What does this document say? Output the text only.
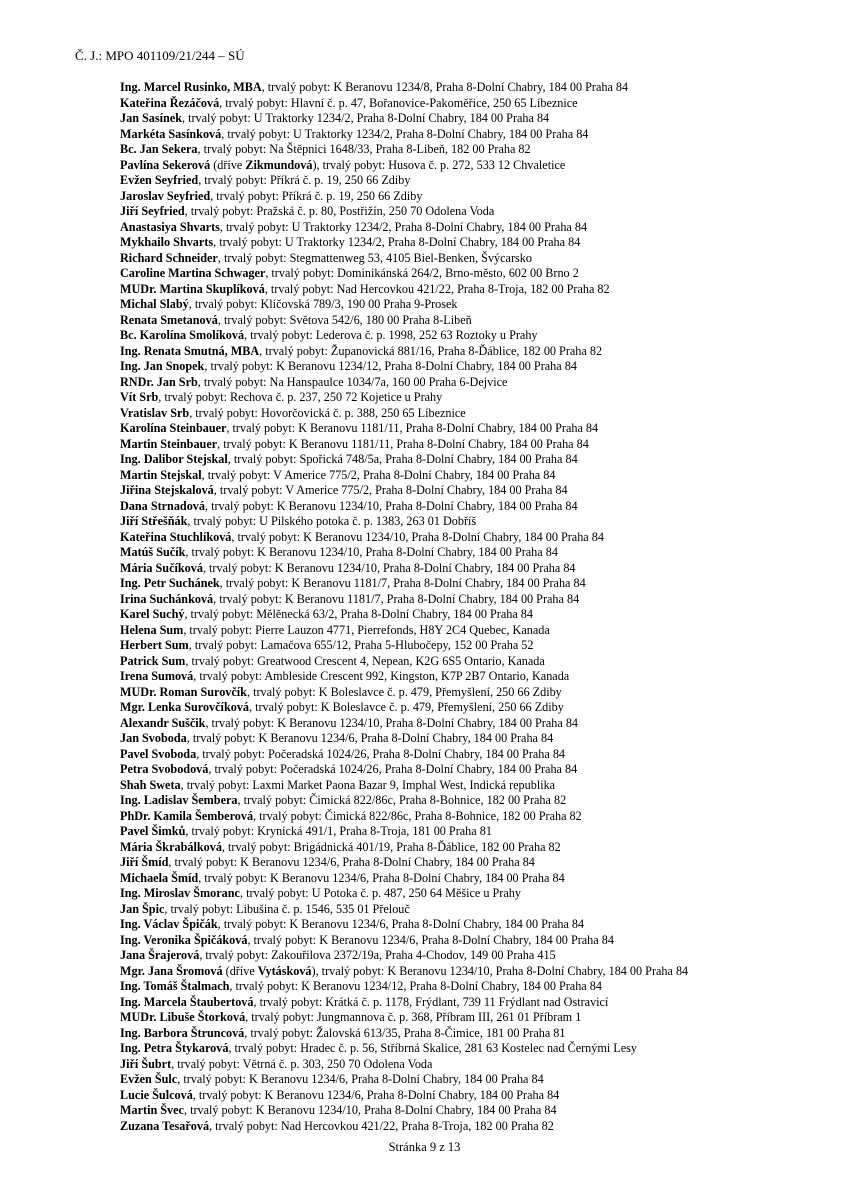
Č. J.: MPO 401109/21/244 – SÚ
Ing. Marcel Rusinko, MBA, trvalý pobyt: K Beranovu 1234/8, Praha 8-Dolní Chabry, 184 00 Praha 84
Kateřina Řezáčová, trvalý pobyt: Hlavní č. p. 47, Bořanovice-Pakoměřice, 250 65 Líbeznice
Jan Sasínek, trvalý pobyt: U Traktorky 1234/2, Praha 8-Dolní Chabry, 184 00 Praha 84
Markéta Sasínková, trvalý pobyt: U Traktorky 1234/2, Praha 8-Dolní Chabry, 184 00 Praha 84
Bc. Jan Sekera, trvalý pobyt: Na Štěpnici 1648/33, Praha 8-Libeň, 182 00 Praha 82
Pavlína Sekerová (dříve Zikmundová), trvalý pobyt: Husova č. p. 272, 533 12 Chvaletice
Evžen Seyfried, trvalý pobyt: Příkrá č. p. 19, 250 66 Zdiby
Jaroslav Seyfried, trvalý pobyt: Příkrá č. p. 19, 250 66 Zdiby
Jiří Seyfried, trvalý pobyt: Pražská č. p. 80, Postřižín, 250 70 Odolena Voda
Anastasiya Shvarts, trvalý pobyt: U Traktorky 1234/2, Praha 8-Dolní Chabry, 184 00 Praha 84
Mykhailo Shvarts, trvalý pobyt: U Traktorky 1234/2, Praha 8-Dolní Chabry, 184 00 Praha 84
Richard Schneider, trvalý pobyt: Stegmattenweg 53, 4105 Biel-Benken, Švýcarsko
Caroline Martina Schwager, trvalý pobyt: Dominikánská 264/2, Brno-město, 602 00 Brno 2
MUDr. Martina Skuplíková, trvalý pobyt: Nad Hercovkou 421/22, Praha 8-Troja, 182 00 Praha 82
Michal Slabý, trvalý pobyt: Klíčovská 789/3, 190 00 Praha 9-Prosek
Renata Smetanová, trvalý pobyt: Světova 542/6, 180 00 Praha 8-Libeň
Bc. Karolína Smolíková, trvalý pobyt: Lederova č. p. 1998, 252 63 Roztoky u Prahy
Ing. Renata Smutná, MBA, trvalý pobyt: Županovická 881/16, Praha 8-Ďáblice, 182 00 Praha 82
Ing. Jan Snopek, trvalý pobyt: K Beranovu 1234/12, Praha 8-Dolní Chabry, 184 00 Praha 84
RNDr. Jan Srb, trvalý pobyt: Na Hanspaulce 1034/7a, 160 00 Praha 6-Dejvice
Vít Srb, trvalý pobyt: Rechova č. p. 237, 250 72 Kojetice u Prahy
Vratislav Srb, trvalý pobyt: Hovorčovická č. p. 388, 250 65 Líbeznice
Karolína Steinbauer, trvalý pobyt: K Beranovu 1181/11, Praha 8-Dolní Chabry, 184 00 Praha 84
Martin Steinbauer, trvalý pobyt: K Beranovu 1181/11, Praha 8-Dolní Chabry, 184 00 Praha 84
Ing. Dalibor Stejskal, trvalý pobyt: Spořická 748/5a, Praha 8-Dolní Chabry, 184 00 Praha 84
Martin Stejskal, trvalý pobyt: V Americe 775/2, Praha 8-Dolní Chabry, 184 00 Praha 84
Jiřina Stejskalová, trvalý pobyt: V Americe 775/2, Praha 8-Dolní Chabry, 184 00 Praha 84
Dana Strnadová, trvalý pobyt: K Beranovu 1234/10, Praha 8-Dolní Chabry, 184 00 Praha 84
Jiří Střešňák, trvalý pobyt: U Pilského potoka č. p. 1383, 263 01 Dobříš
Kateřina Stuchlíková, trvalý pobyt: K Beranovu 1234/10, Praha 8-Dolní Chabry, 184 00 Praha 84
Matúš Sučík, trvalý pobyt: K Beranovu 1234/10, Praha 8-Dolní Chabry, 184 00 Praha 84
Mária Sučíková, trvalý pobyt: K Beranovu 1234/10, Praha 8-Dolní Chabry, 184 00 Praha 84
Ing. Petr Suchánek, trvalý pobyt: K Beranovu 1181/7, Praha 8-Dolní Chabry, 184 00 Praha 84
Irina Suchánková, trvalý pobyt: K Beranovu 1181/7, Praha 8-Dolní Chabry, 184 00 Praha 84
Karel Suchý, trvalý pobyt: Mělěnecká 63/2, Praha 8-Dolní Chabry, 184 00 Praha 84
Helena Sum, trvalý pobyt: Pierre Lauzon 4771, Pierrefonds, H8Y 2C4 Quebec, Kanada
Herbert Sum, trvalý pobyt: Lamačova 655/12, Praha 5-Hlubočepy, 152 00 Praha 52
Patrick Sum, trvalý pobyt: Greatwood Crescent 4, Nepean, K2G 6S5 Ontario, Kanada
Irena Sumová, trvalý pobyt: Ambleside Crescent 992, Kingston, K7P 2B7 Ontario, Kanada
MUDr. Roman Surovčík, trvalý pobyt: K Boleslavce č. p. 479, Přemyšlení, 250 66 Zdiby
Mgr. Lenka Surovčíková, trvalý pobyt: K Boleslavce č. p. 479, Přemyšlení, 250 66 Zdiby
Alexandr Suščik, trvalý pobyt: K Beranovu 1234/10, Praha 8-Dolní Chabry, 184 00 Praha 84
Jan Svoboda, trvalý pobyt: K Beranovu 1234/6, Praha 8-Dolní Chabry, 184 00 Praha 84
Pavel Svoboda, trvalý pobyt: Počeradská 1024/26, Praha 8-Dolní Chabry, 184 00 Praha 84
Petra Svobodová, trvalý pobyt: Počeradská 1024/26, Praha 8-Dolní Chabry, 184 00 Praha 84
Shah Sweta, trvalý pobyt: Laxmi Market Paona Bazar 9, Imphal West, Indická republika
Ing. Ladislav Šembera, trvalý pobyt: Čimická 822/86c, Praha 8-Bohnice, 182 00 Praha 82
PhDr. Kamila Šemberová, trvalý pobyt: Čimická 822/86c, Praha 8-Bohnice, 182 00 Praha 82
Pavel Šimků, trvalý pobyt: Krynická 491/1, Praha 8-Troja, 181 00 Praha 81
Mária Škrabálková, trvalý pobyt: Brigádnická 401/19, Praha 8-Ďáblice, 182 00 Praha 82
Jiří Šmíd, trvalý pobyt: K Beranovu 1234/6, Praha 8-Dolní Chabry, 184 00 Praha 84
Michaela Šmíd, trvalý pobyt: K Beranovu 1234/6, Praha 8-Dolní Chabry, 184 00 Praha 84
Ing. Miroslav Šmoranc, trvalý pobyt: U Potoka č. p. 487, 250 64 Měšice u Prahy
Jan Špic, trvalý pobyt: Libušina č. p. 1546, 535 01 Přelouč
Ing. Václav Špičák, trvalý pobyt: K Beranovu 1234/6, Praha 8-Dolní Chabry, 184 00 Praha 84
Ing. Veronika Špičáková, trvalý pobyt: K Beranovu 1234/6, Praha 8-Dolní Chabry, 184 00 Praha 84
Jana Šrajerová, trvalý pobyt: Zakouřilova 2372/19a, Praha 4-Chodov, 149 00 Praha 415
Mgr. Jana Šromová (dříve Vytásková), trvalý pobyt: K Beranovu 1234/10, Praha 8-Dolní Chabry, 184 00 Praha 84
Ing. Tomáš Štalmach, trvalý pobyt: K Beranovu 1234/12, Praha 8-Dolní Chabry, 184 00 Praha 84
Ing. Marcela Štaubertová, trvalý pobyt: Krátká č. p. 1178, Frýdlant, 739 11 Frýdlant nad Ostravicí
MUDr. Libuše Štorková, trvalý pobyt: Jungmannova č. p. 368, Příbram III, 261 01 Příbram 1
Ing. Barbora Štruncová, trvalý pobyt: Žalovská 613/35, Praha 8-Čimice, 181 00 Praha 81
Ing. Petra Štykarová, trvalý pobyt: Hradec č. p. 56, Stříbrná Skalice, 281 63 Kostelec nad Černými Lesy
Jiří Šubrt, trvalý pobyt: Větrná č. p. 303, 250 70 Odolena Voda
Evžen Šulc, trvalý pobyt: K Beranovu 1234/6, Praha 8-Dolní Chabry, 184 00 Praha 84
Lucie Šulcová, trvalý pobyt: K Beranovu 1234/6, Praha 8-Dolní Chabry, 184 00 Praha 84
Martin Švec, trvalý pobyt: K Beranovu 1234/10, Praha 8-Dolní Chabry, 184 00 Praha 84
Zuzana Tesařová, trvalý pobyt: Nad Hercovkou 421/22, Praha 8-Troja, 182 00 Praha 82
Stránka 9 z 13
